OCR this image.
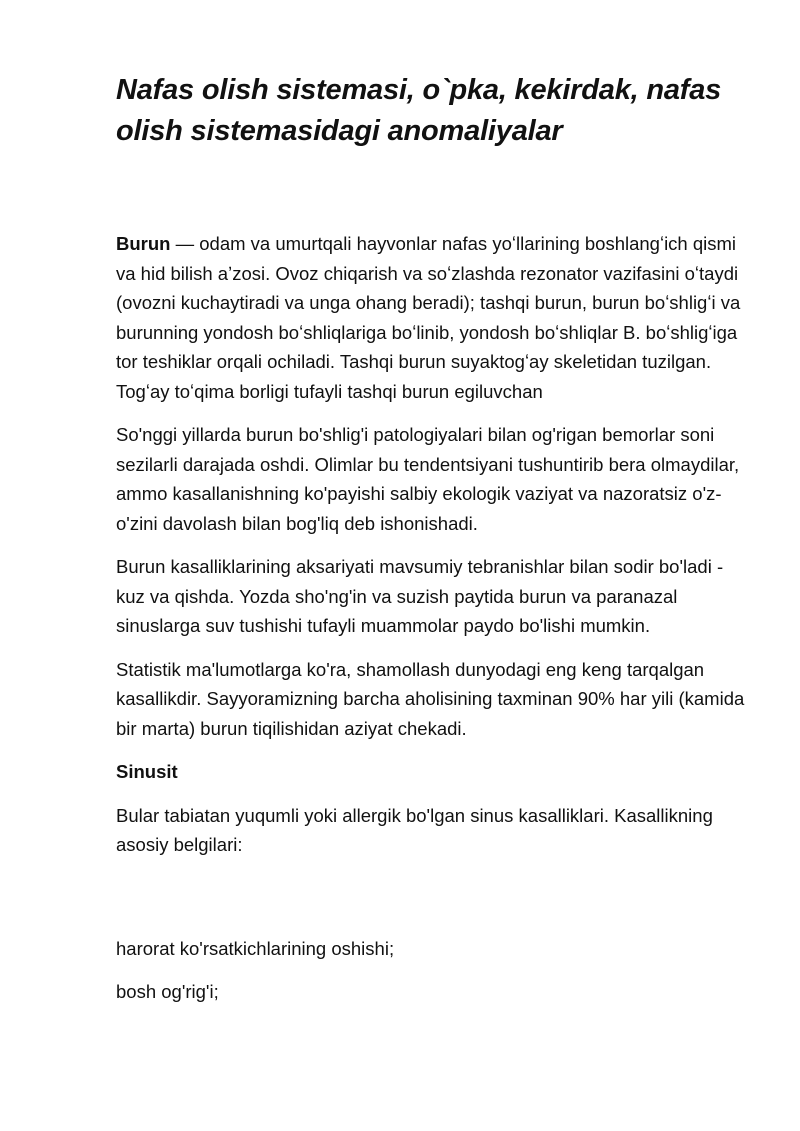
Nafas olish sistemasi, o`pka, kekirdak, nafas olish sistemasidagi anomaliyalar

Burun — odam va umurtqali hayvonlar nafas yoʻllarining boshlangʻich qismi va hid bilish aʼzosi. Ovoz chiqarish va soʻzlashda rezonator vazifasini oʻtaydi (ovozni kuchaytiradi va unga ohang beradi); tashqi burun, burun boʻshligʻi va burunning yondosh boʻshliqlariga boʻlinib, yondosh boʻshliqlar B. boʻshligʻiga tor teshiklar orqali ochiladi. Tashqi burun suyaktogʻay skeletidan tuzilgan. Togʻay toʻqima borligi tufayli tashqi burun egiluvchan

So'nggi yillarda burun bo'shlig'i patologiyalari bilan og'rigan bemorlar soni sezilarli darajada oshdi. Olimlar bu tendentsiyani tushuntirib bera olmaydilar, ammo kasallanishning ko'payishi salbiy ekologik vaziyat va nazoratsiz o'z-o'zini davolash bilan bog'liq deb ishonishadi.

Burun kasalliklarining aksariyati mavsumiy tebranishlar bilan sodir bo'ladi - kuz va qishda. Yozda sho'ng'in va suzish paytida burun va paranazal sinuslarga suv tushishi tufayli muammolar paydo bo'lishi mumkin.

Statistik ma'lumotlarga ko'ra, shamollash dunyodagi eng keng tarqalgan kasallikdir. Sayyoramizning barcha aholisining taxminan 90% har yili (kamida bir marta) burun tiqilishidan aziyat chekadi.

Sinusit

Bular tabiatan yuqumli yoki allergik bo'lgan sinus kasalliklari. Kasallikning asosiy belgilari:

harorat ko'rsatkichlarining oshishi;

bosh og'rig'i;
